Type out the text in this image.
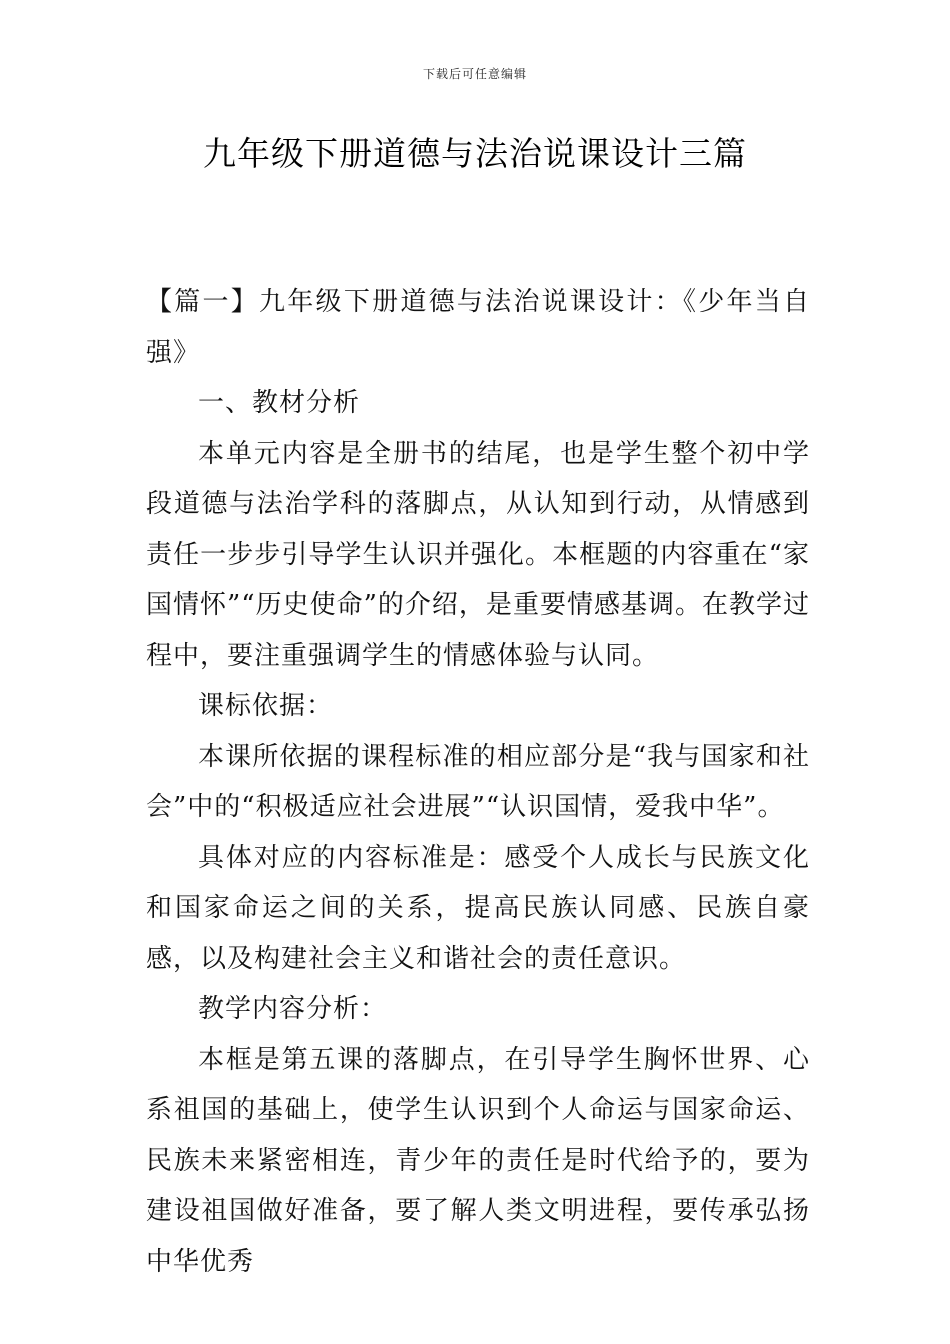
下载后可任意编辑
九年级下册道德与法治说课设计三篇

【篇一】九年级下册道德与法治说课设计：《少年当自强》

一、教材分析

本单元内容是全册书的结尾，也是学生整个初中学段道德与法治学科的落脚点，从认知到行动，从情感到责任一步步引导学生认识并强化。本框题的内容重在“家国情怀”“历史使命”的介绍，是重要情感基调。在教学过程中，要注重强调学生的情感体验与认同。

课标依据：

本课所依据的课程标准的相应部分是“我与国家和社会”中的“积极适应社会进展”“认识国情，爱我中华”。

具体对应的内容标准是：感受个人成长与民族文化和国家命运之间的关系，提高民族认同感、民族自豪感，以及构建社会主义和谐社会的责任意识。

教学内容分析：

本框是第五课的落脚点，在引导学生胸怀世界、心系祖国的基础上，使学生认识到个人命运与国家命运、民族未来紧密相连，青少年的责任是时代给予的，要为建设祖国做好准备，要了解人类文明进程，要传承弘扬中华优秀
